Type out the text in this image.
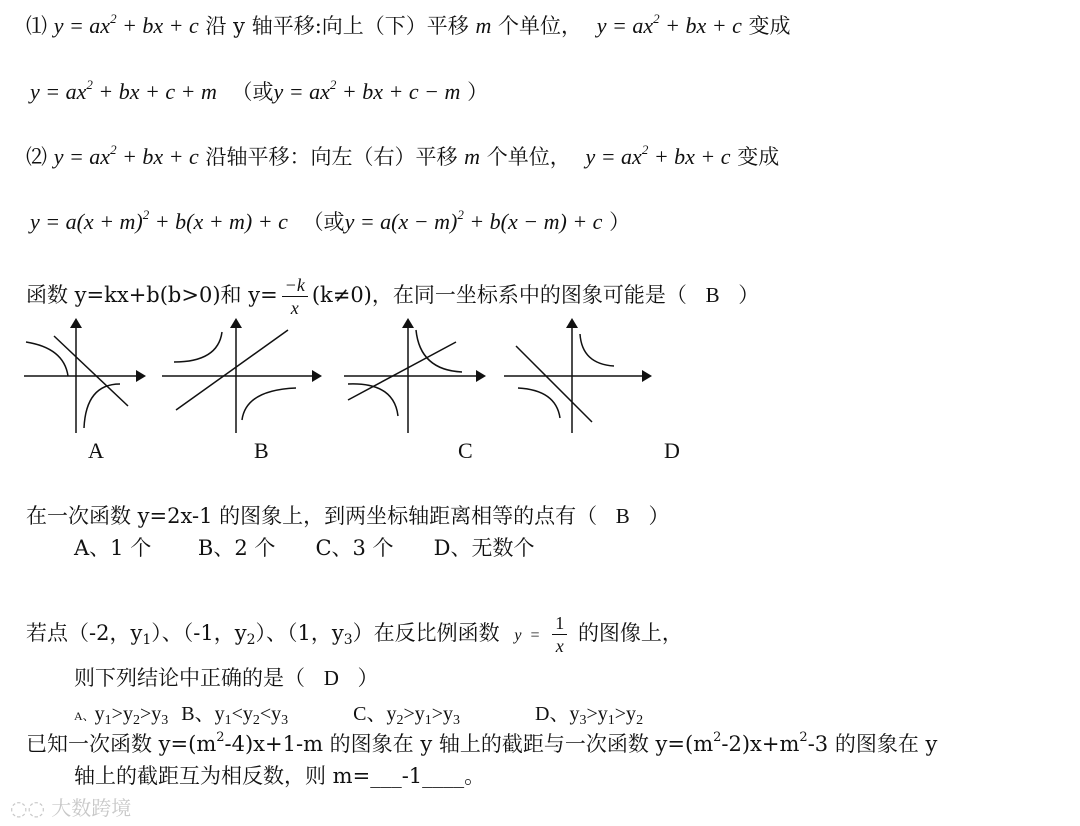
⑴ $y = ax^2$ + bx + c 沿 y 轴平移:向上（下）平移 m 个单位， $y = ax^2$ + bx + c 变成
$y = ax^2$ + bx + c + m （或$y = ax^2$ + bx + c − m ）
⑵ $y = ax^2$ + bx + c 沿轴平移：向左（右）平移 m 个单位， $y = ax^2$ + bx + c 变成
$y = a(x + m)^2 + b(x + m) + c$ （或$y = a(x - m)^2 + b(x - m) + c$ ）
函数 y=kx+b(b>0)和 $y= \frac{-k}{x} (k\ne 0)$，在同一坐标系中的图象可能是（ B ）
A	B	C	D
在一次函数 y=2x-1 的图象上，到两坐标轴距离相等的点有（ B ）
A、1 个       B、2 个      C、3 个      D、无数个
若点（-2，$y_1$）、（-1，$y_2$）、（1，$y_3$）在反比例函数 $y = \frac{1}{x}$ 的图像上，
则下列结论中正确的是（ D ）
A、$y_1>y_2>y_3$ B、$y_1<y_2<y_3$	C、$y_2>y_1>y_3$	D、$y_3>y_1>y_2$
已知一次函数 $y=(m^2-4)x+1-m$ 的图象在 y 轴上的截距与一次函数 $y=(m^2-2)x+m^2-3$ 的图象在 y
轴上的截距互为相反数，则 m=___-1____。
◌◌ 大数跨境
